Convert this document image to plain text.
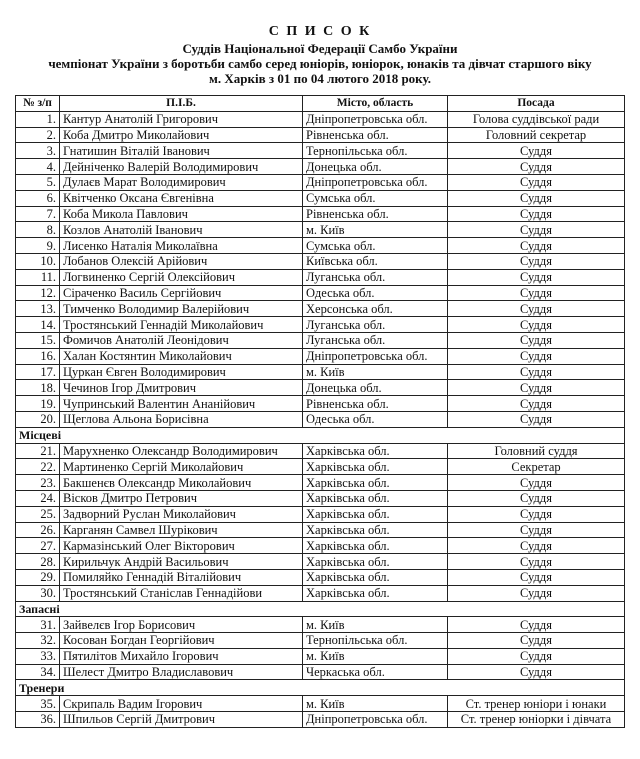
С П И С О К
Суддів Національної Федерації Самбо України
чемпіонат України з боротьби самбо серед юніорів, юніорок, юнаків та дівчат старшого віку
м. Харків з 01 по 04 лютого 2018 року.
№ з/п	П.І.Б.	Місто, область	Посада
1.	Кантур Анатолій Григорович	Дніпропетровська обл.	Голова суддівської ради
2.	Коба Дмитро Миколайович	Рівненська обл.	Головний секретар
3.	Гнатишин Віталій Іванович	Тернопільська обл.	Суддя
4.	Дейніченко Валерій Володимирович	Донецька обл.	Суддя
5.	Дулаєв Марат Володимирович	Дніпропетровська обл.	Суддя
6.	Квітченко Оксана Євгенівна	Сумська обл.	Суддя
7.	Коба Микола Павлович	Рівненська обл.	Суддя
8.	Козлов Анатолій Іванович	м. Київ	Суддя
9.	Лисенко Наталія Миколаївна	Сумська обл.	Суддя
10.	Лобанов Олексій Арійович	Київська обл.	Суддя
11.	Логвиненко Сергій Олексійович	Луганська обл.	Суддя
12.	Сіраченко Василь Сергійович	Одеська обл.	Суддя
13.	Тимченко Володимир Валерійович	Херсонська обл.	Суддя
14.	Тростянський Геннадій Миколайович	Луганська обл.	Суддя
15.	Фомичов Анатолій Леонідович	Луганська обл.	Суддя
16.	Халан Костянтин Миколайович	Дніпропетровська обл.	Суддя
17.	Цуркан Євген Володимирович	м. Київ	Суддя
18.	Чечинов Ігор Дмитрович	Донецька обл.	Суддя
19.	Чупринський Валентин Ананійович	Рівненська обл.	Суддя
20.	Щеглова Альона Борисівна	Одеська обл.	Суддя
Місцеві			
21.	Марухненко Олександр Володимирович	Харківська обл.	Головний суддя
22.	Мартиненко Сергій Миколайович	Харківська обл.	Секретар
23.	Бакшенєв Олександр Миколайович	Харківська обл.	Суддя
24.	Вісков Дмитро Петрович	Харківська обл.	Суддя
25.	Задворний Руслан Миколайович	Харківська обл.	Суддя
26.	Карганян Самвел Шурікович	Харківська обл.	Суддя
27.	Кармазінський Олег Вікторович	Харківська обл.	Суддя
28.	Кирильчук Андрій Васильович	Харківська обл.	Суддя
29.	Помиляйко Геннадій Віталійович	Харківська обл.	Суддя
30.	Тростянський Станіслав Геннадійови	Харківська обл.	Суддя
Запасні			
31.	Зайвелєв Ігор Борисович	м. Київ	Суддя
32.	Косован Богдан Георгійович	Тернопільська обл.	Суддя
33.	Пятилітов Михайло Ігорович	м. Київ	Суддя
34.	Шелест Дмитро Владиславович	Черкаська обл.	Суддя
Тренери			
35.	Скрипаль Вадим Ігорович	м. Київ	Ст. тренер юніори і юнаки
36.	Шпильов Сергій Дмитрович	Дніпропетровська обл.	Ст. тренер юніорки і дівчата
